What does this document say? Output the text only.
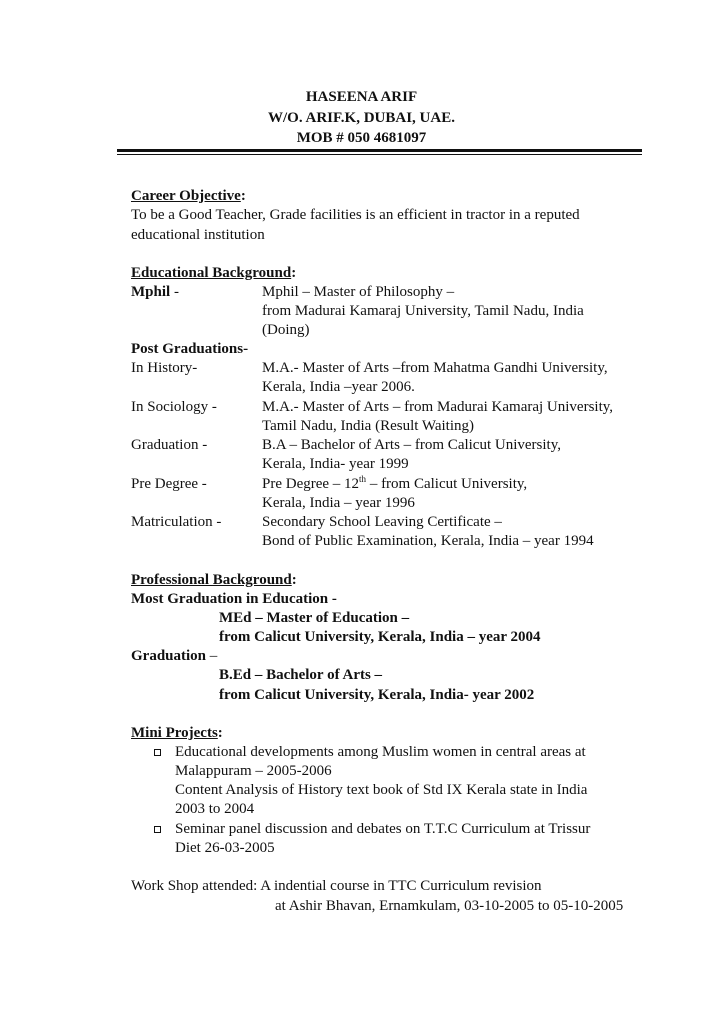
HASEENA ARIF
W/O. ARIF.K, DUBAI, UAE.
MOB # 050 4681097
Career Objective:
To be a Good Teacher, Grade facilities is an efficient in tractor in a reputed
educational institution
Educational Background:
Mphil -	Mphil – Master of Philosophy –
from Madurai Kamaraj University, Tamil Nadu, India
(Doing)
Post Graduations-
In History-	M.A.- Master of Arts –from Mahatma Gandhi University,
Kerala, India –year 2006.
In Sociology -	M.A.- Master of Arts – from Madurai Kamaraj University,
Tamil Nadu, India (Result Waiting)
Graduation -	B.A – Bachelor of Arts – from Calicut University,
Kerala, India- year 1999
Pre Degree -	Pre Degree – 12th – from Calicut University,
Kerala, India – year 1996
Matriculation -	Secondary School Leaving Certificate –
Bond of Public Examination, Kerala, India – year 1994
Professional Background:
Most Graduation in Education -
MEd – Master of Education –
from Calicut University, Kerala, India – year 2004
Graduation –
B.Ed – Bachelor of Arts –
from Calicut University, Kerala, India- year 2002
Mini Projects:
Educational developments among Muslim women in central areas at
Malappuram – 2005-2006
Content Analysis of History text book of Std IX Kerala state in India
2003 to 2004
Seminar panel discussion and debates on T.T.C Curriculum at Trissur
Diet 26-03-2005
Work Shop attended: A indential course in TTC Curriculum revision
at Ashir Bhavan, Ernamkulam, 03-10-2005 to 05-10-2005
